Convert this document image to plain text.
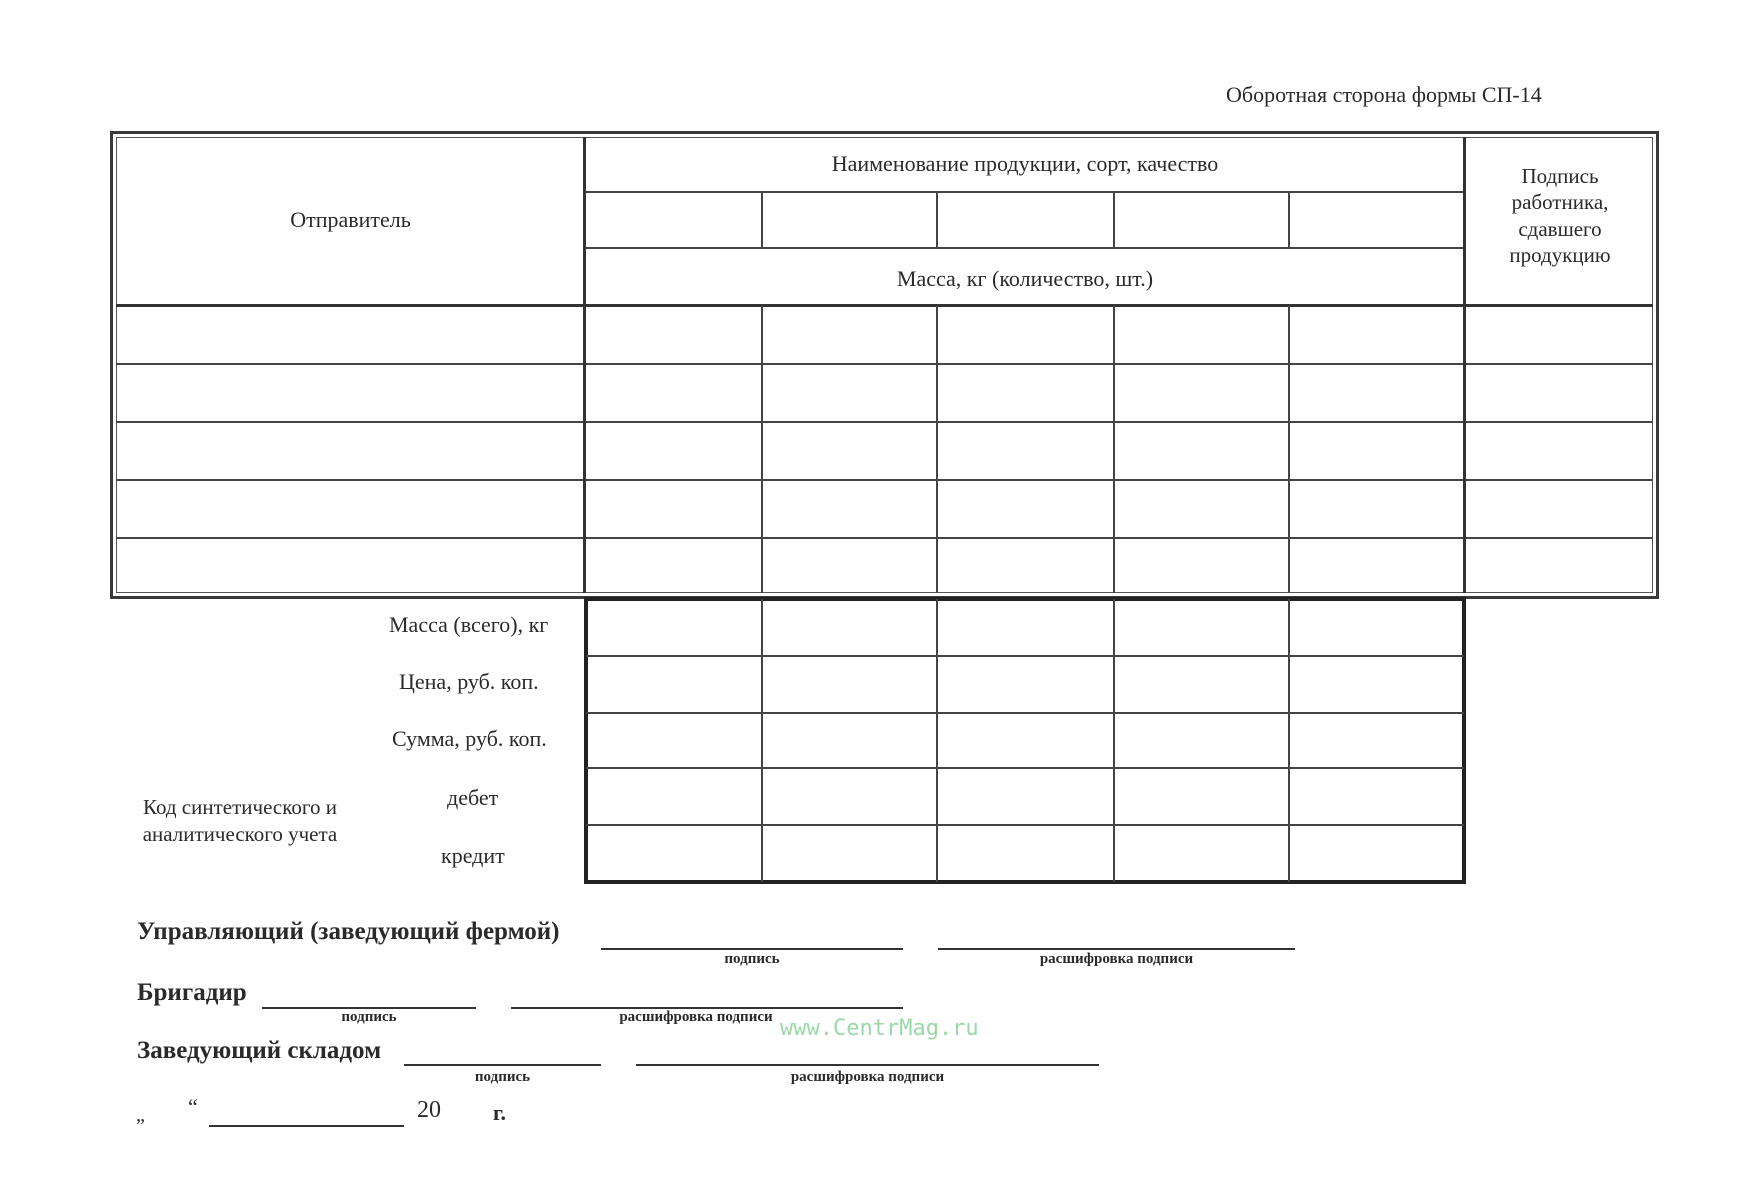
Оборотная сторона формы СП-14
Отправитель
Наименование продукции, сорт, качество
Масса, кг (количество, шт.)
Подпись работника, сдавшего продукцию
Масса (всего), кг
Цена, руб. коп.
Сумма, руб. коп.
дебет
кредит
Код синтетического и аналитического учета
Управляющий (заведующий фермой)
подпись	расшифровка подписи
Бригадир
подпись	расшифровка подписи
Заведующий складом
подпись	расшифровка подписи
„ “	20 г.
www.CentrMag.ru
